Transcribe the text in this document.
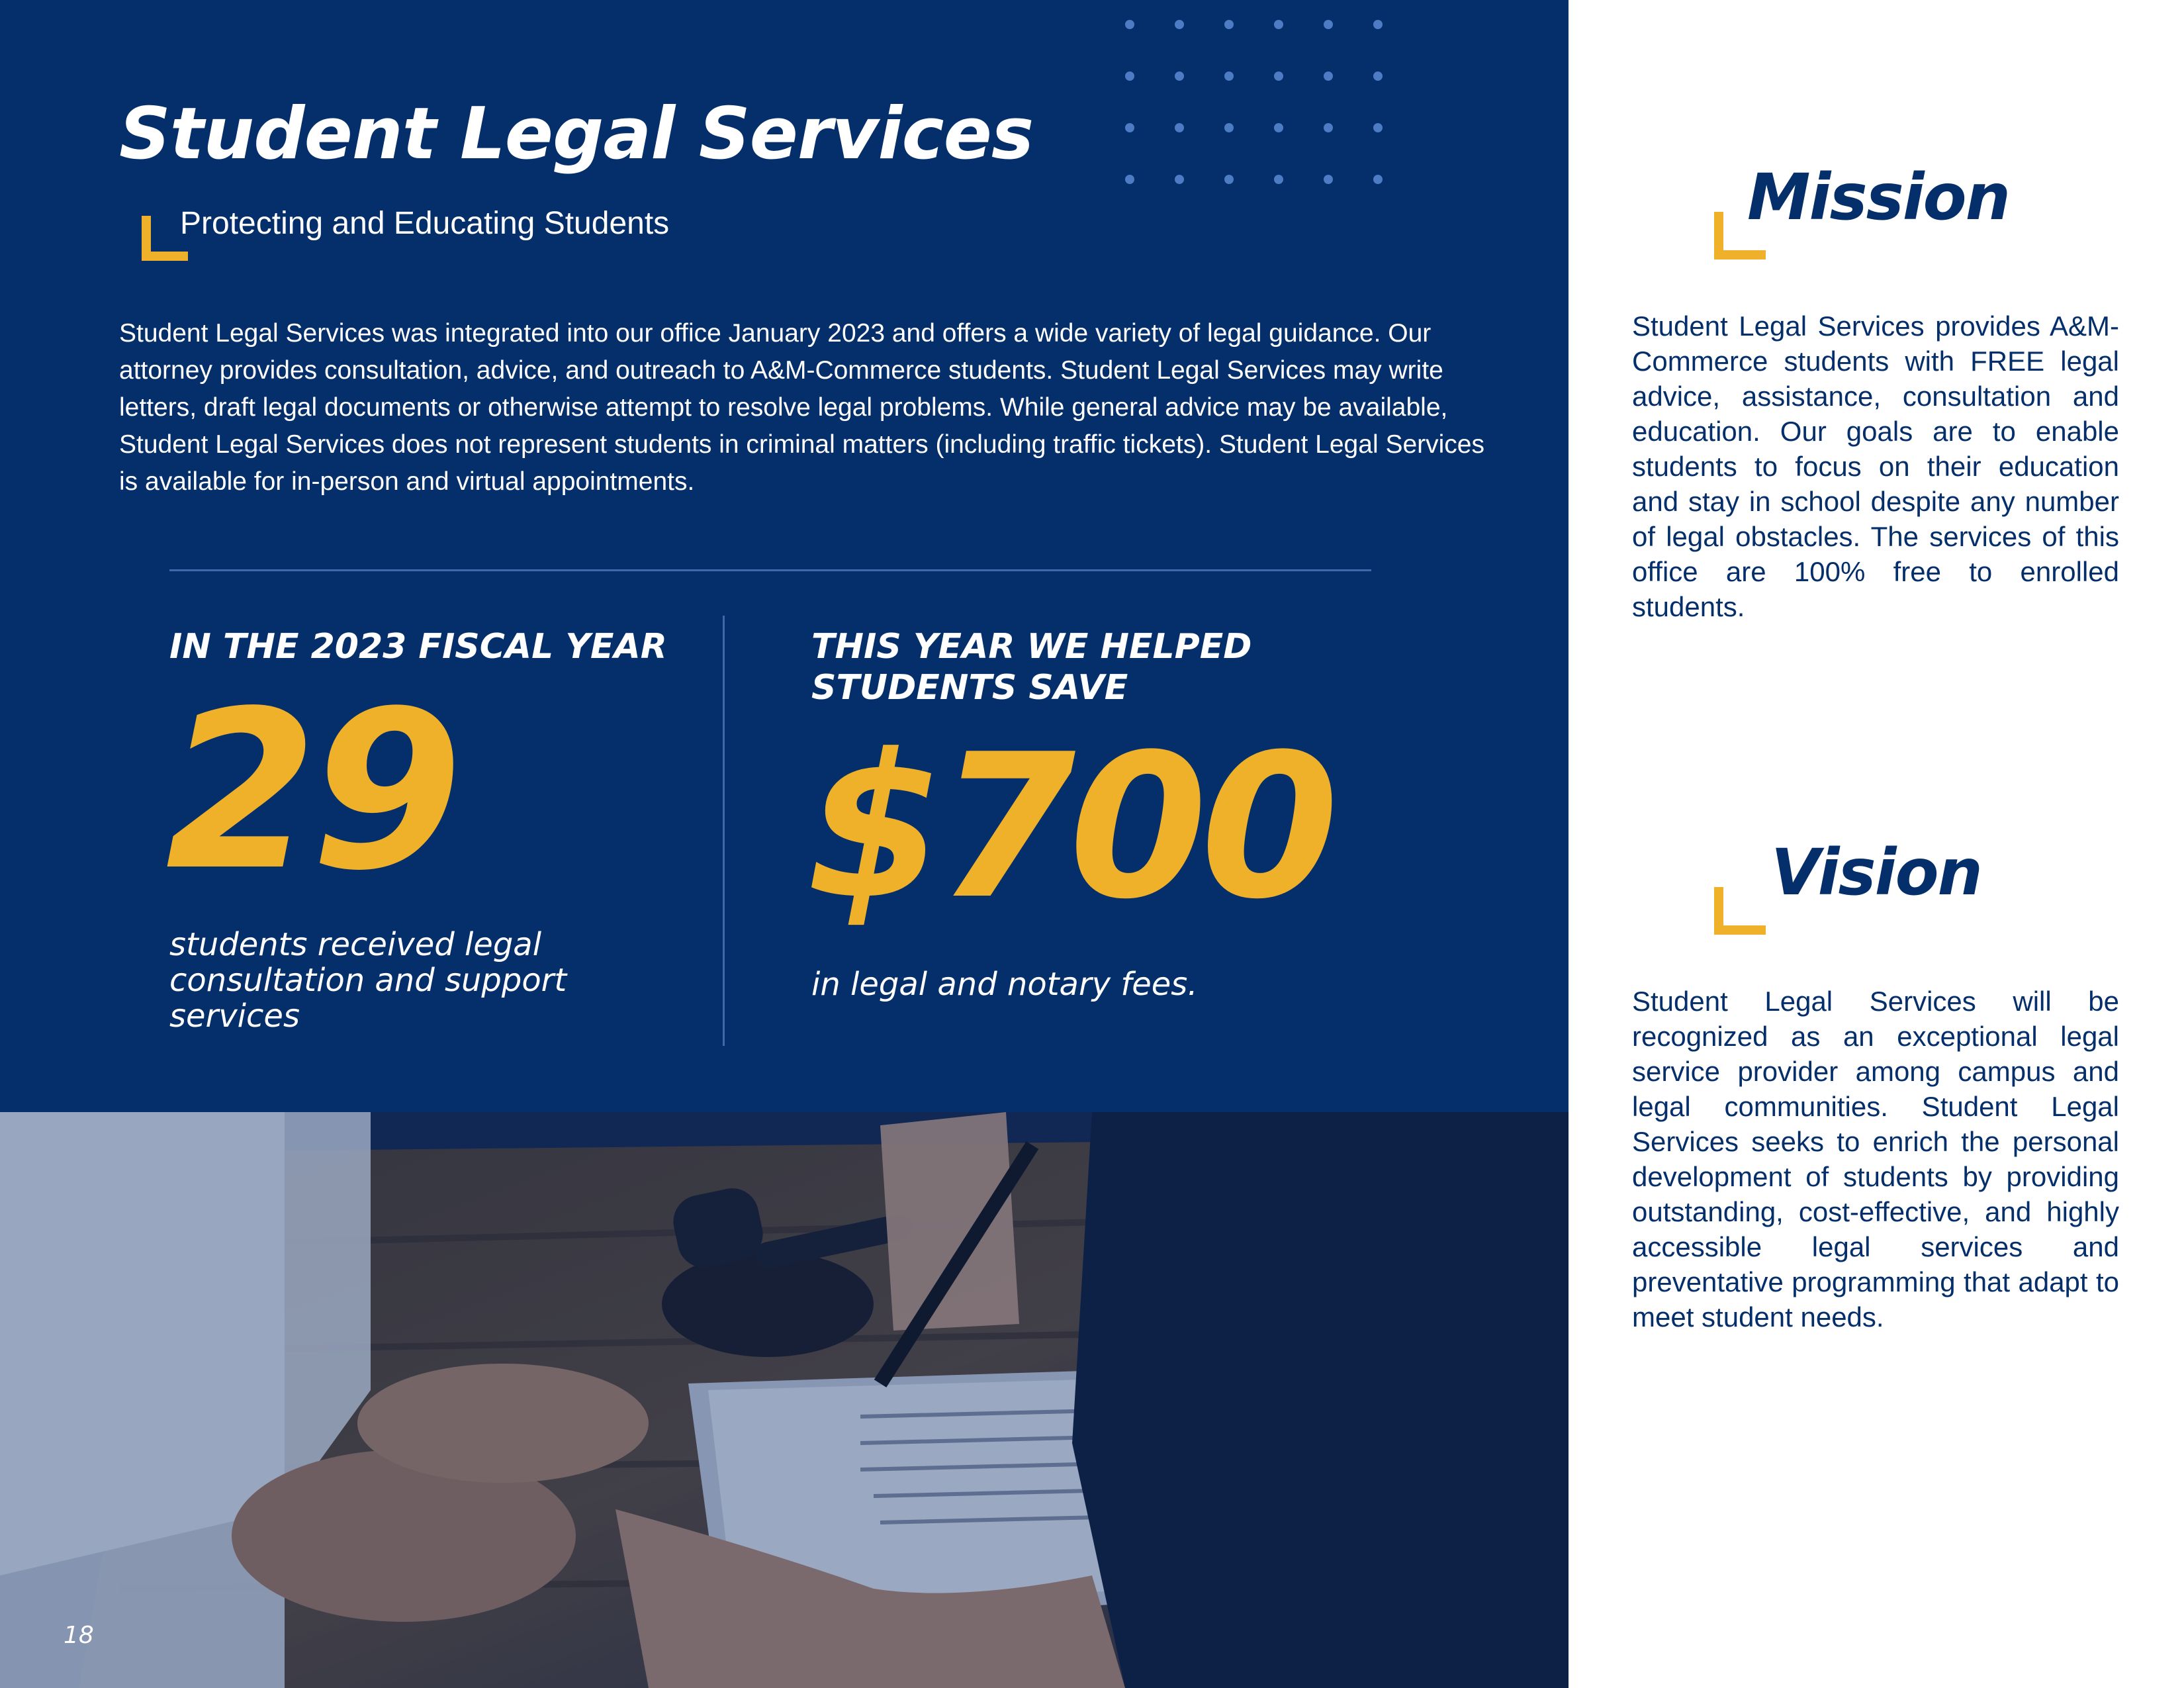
Student Legal Services

Protecting and Educating Students

Student Legal Services was integrated into our office January 2023 and offers a wide variety of legal guidance. Our attorney provides consultation, advice, and outreach to A&M-Commerce students. Student Legal Services may write letters, draft legal documents or otherwise attempt to resolve legal problems. While general advice may be available, Student Legal Services does not represent students in criminal matters (including traffic tickets). Student Legal Services is available for in-person and virtual appointments.

IN THE 2023 FISCAL YEAR

29

students received legal consultation and support services

THIS YEAR WE HELPED

STUDENTS SAVE

$700

in legal and notary fees.

18

Mission

Student Legal Services provides A&M-Commerce students with FREE legal advice, assistance, consultation and education. Our goals are to enable students to focus on their education and stay in school despite any number of legal obstacles. The services of this office are 100% free to enrolled students.

Vision

Student Legal Services will be recognized as an exceptional legal service provider among campus and legal communities. Student Legal Services seeks to enrich the personal development of students by providing outstanding, cost-effective, and highly accessible legal services and preventative programming that adapt to meet student needs.
